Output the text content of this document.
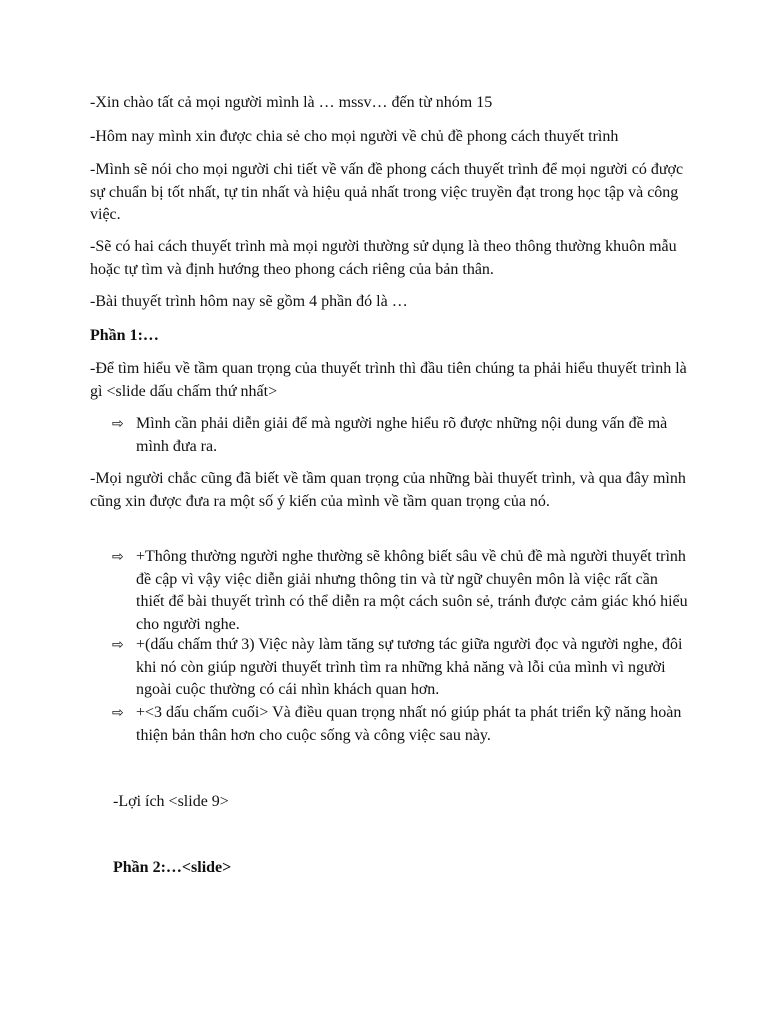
-Xin chào tất cả mọi người mình là … mssv… đến từ nhóm 15

-Hôm nay mình xin được chia sẻ cho mọi người về chủ đề phong cách thuyết trình

-Mình sẽ nói cho mọi người chi tiết về vấn đề phong cách thuyết trình để mọi người có được sự chuẩn bị tốt nhất, tự tin nhất và hiệu quả nhất trong việc truyền đạt trong học tập và công việc.

-Sẽ có hai cách thuyết trình mà mọi người thường sử dụng là theo thông thường khuôn mẫu hoặc tự tìm và định hướng theo phong cách riêng của bản thân.

-Bài thuyết trình hôm nay sẽ gồm 4 phần đó là …

Phần 1:…

-Để tìm hiểu về tầm quan trọng của thuyết trình thì đầu tiên chúng ta phải hiểu thuyết trình là gì <slide dấu chấm thứ nhất>

⇨ Mình cần phải diễn giải để mà người nghe hiểu rõ được những nội dung vấn đề mà mình đưa ra.

-Mọi người chắc cũng đã biết về tầm quan trọng của những bài thuyết trình, và qua đây mình cũng xin được đưa ra một số ý kiến của mình về tầm quan trọng của nó.

⇨ +Thông thường người nghe thường sẽ không biết sâu về chủ đề mà người thuyết trình đề cập vì vậy việc diễn giải nhưng thông tin và từ ngữ chuyên môn là việc rất cần thiết để bài thuyết trình có thể diễn ra một cách suôn sẻ, tránh được cảm giác khó hiểu cho người nghe.

⇨ +(dấu chấm thứ 3) Việc này làm tăng sự tương tác giữa người đọc và người nghe, đôi khi nó còn giúp người thuyết trình tìm ra những khả năng và lỗi của mình vì người ngoài cuộc thường có cái nhìn khách quan hơn.

⇨ +<3 dấu chấm cuối> Và điều quan trọng nhất nó giúp phát ta phát triển kỹ năng hoàn thiện bản thân hơn cho cuộc sống và công việc sau này.

-Lợi ích <slide 9>

Phần 2:…<slide>
